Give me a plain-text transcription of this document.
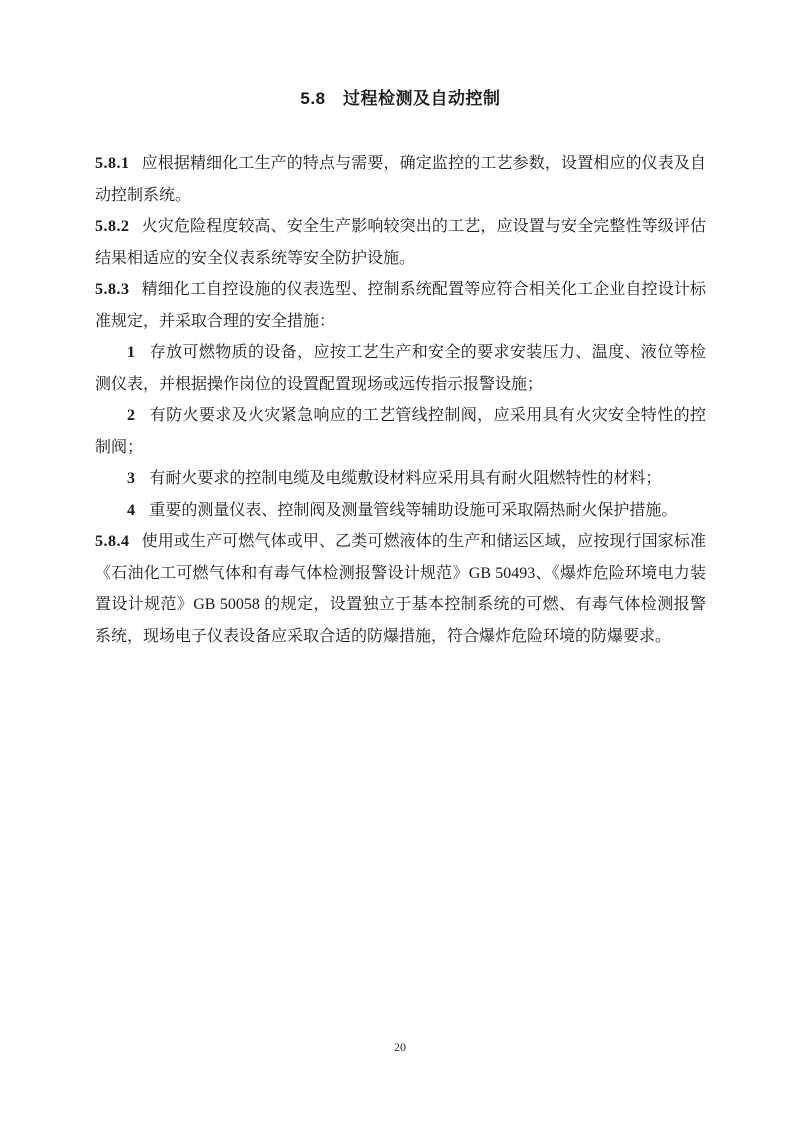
5.8　过程检测及自动控制

5.8.1 应根据精细化工生产的特点与需要，确定监控的工艺参数，设置相应的仪表及自动控制系统。

5.8.2 火灾危险程度较高、安全生产影响较突出的工艺，应设置与安全完整性等级评估结果相适应的安全仪表系统等安全防护设施。

5.8.3 精细化工自控设施的仪表选型、控制系统配置等应符合相关化工企业自控设计标准规定，并采取合理的安全措施：

1 存放可燃物质的设备，应按工艺生产和安全的要求安装压力、温度、液位等检测仪表，并根据操作岗位的设置配置现场或远传指示报警设施；

2 有防火要求及火灾紧急响应的工艺管线控制阀，应采用具有火灾安全特性的控制阀；

3 有耐火要求的控制电缆及电缆敷设材料应采用具有耐火阻燃特性的材料；

4 重要的测量仪表、控制阀及测量管线等辅助设施可采取隔热耐火保护措施。

5.8.4 使用或生产可燃气体或甲、乙类可燃液体的生产和储运区域，应按现行国家标准《石油化工可燃气体和有毒气体检测报警设计规范》GB 50493、《爆炸危险环境电力装置设计规范》GB 50058 的规定，设置独立于基本控制系统的可燃、有毒气体检测报警系统，现场电子仪表设备应采取合适的防爆措施，符合爆炸危险环境的防爆要求。

20
